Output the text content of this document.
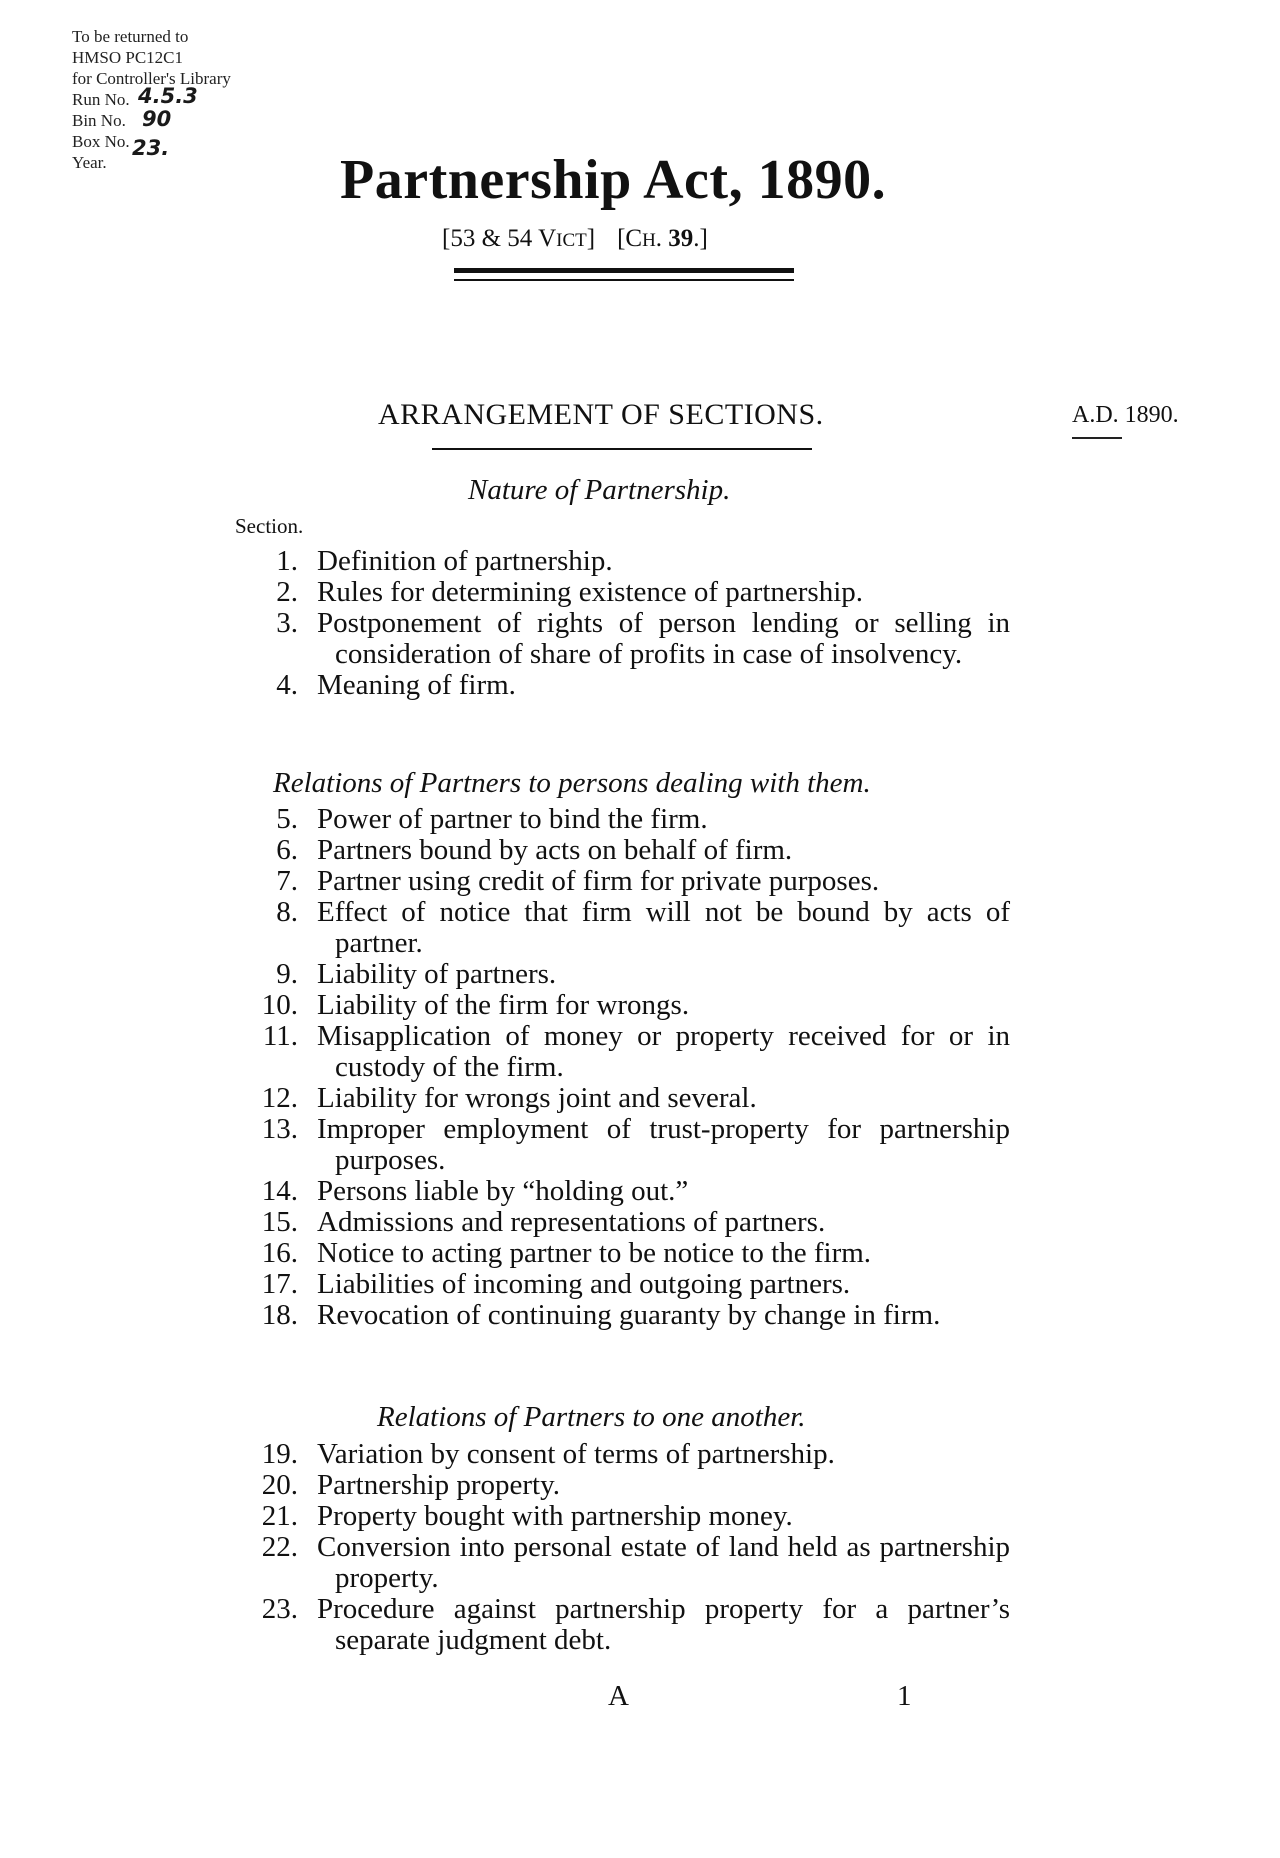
To be returned to
HMSO PC12C1
for Controller's Library
Run No. 4.5.3
Bin No. 90
Box No.
Year.
23.
Partnership Act, 1890.
[53 & 54 VICT] [CH. 39.]
ARRANGEMENT OF SECTIONS.	A.D. 1890.
Nature of Partnership.
Section.
1. Definition of partnership.
2. Rules for determining existence of partnership.
3. Postponement of rights of person lending or selling in consideration of share of profits in case of insolvency.
4. Meaning of firm.
Relations of Partners to persons dealing with them.
5. Power of partner to bind the firm.
6. Partners bound by acts on behalf of firm.
7. Partner using credit of firm for private purposes.
8. Effect of notice that firm will not be bound by acts of partner.
9. Liability of partners.
10. Liability of the firm for wrongs.
11. Misapplication of money or property received for or in custody of the firm.
12. Liability for wrongs joint and several.
13. Improper employment of trust-property for partnership purposes.
14. Persons liable by “holding out.”
15. Admissions and representations of partners.
16. Notice to acting partner to be notice to the firm.
17. Liabilities of incoming and outgoing partners.
18. Revocation of continuing guaranty by change in firm.
Relations of Partners to one another.
19. Variation by consent of terms of partnership.
20. Partnership property.
21. Property bought with partnership money.
22. Conversion into personal estate of land held as partnership property.
23. Procedure against partnership property for a partner’s separate judgment debt.
A	1
